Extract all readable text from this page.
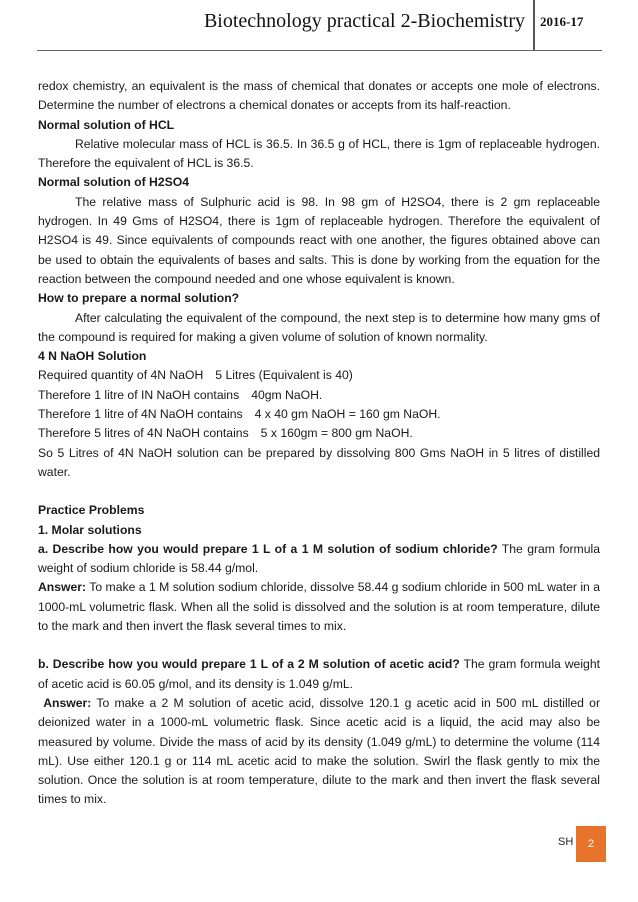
Biotechnology practical 2-Biochemistry 2016-17

redox chemistry, an equivalent is the mass of chemical that donates or accepts one mole of electrons. Determine the number of electrons a chemical donates or accepts from its half-reaction.

Normal solution of HCL

Relative molecular mass of HCL is 36.5. In 36.5 g of HCL, there is 1gm of replaceable hydrogen. Therefore the equivalent of HCL is 36.5.

Normal solution of H2SO4

The relative mass of Sulphuric acid is 98. In 98 gm of H2SO4, there is 2 gm replaceable hydrogen. In 49 Gms of H2SO4, there is 1gm of replaceable hydrogen. Therefore the equivalent of H2SO4 is 49. Since equivalents of compounds react with one another, the figures obtained above can be used to obtain the equivalents of bases and salts. This is done by working from the equation for the reaction between the compound needed and one whose equivalent is known.

How to prepare a normal solution?

After calculating the equivalent of the compound, the next step is to determine how many gms of the compound is required for making a given volume of solution of known normality.

4 N NaOH Solution

Required quantity of 4N NaOH 5 Litres (Equivalent is 40)

Therefore 1 litre of IN NaOH contains 40gm NaOH.

Therefore 1 litre of 4N NaOH contains 4 x 40 gm NaOH = 160 gm NaOH.

Therefore 5 litres of 4N NaOH contains 5 x 160gm = 800 gm NaOH.

So 5 Litres of 4N NaOH solution can be prepared by dissolving 800 Gms NaOH in 5 litres of distilled water.

Practice Problems

1. Molar solutions

a. Describe how you would prepare 1 L of a 1 M solution of sodium chloride? The gram formula weight of sodium chloride is 58.44 g/mol.

Answer: To make a 1 M solution sodium chloride, dissolve 58.44 g sodium chloride in 500 mL water in a 1000-mL volumetric flask. When all the solid is dissolved and the solution is at room temperature, dilute to the mark and then invert the flask several times to mix.

b. Describe how you would prepare 1 L of a 2 M solution of acetic acid? The gram formula weight of acetic acid is 60.05 g/mol, and its density is 1.049 g/mL.

Answer: To make a 2 M solution of acetic acid, dissolve 120.1 g acetic acid in 500 mL distilled or deionized water in a 1000-mL volumetric flask. Since acetic acid is a liquid, the acid may also be measured by volume. Divide the mass of acid by its density (1.049 g/mL) to determine the volume (114 mL). Use either 120.1 g or 114 mL acetic acid to make the solution. Swirl the flask gently to mix the solution. Once the solution is at room temperature, dilute to the mark and then invert the flask several times to mix.

SH 2
